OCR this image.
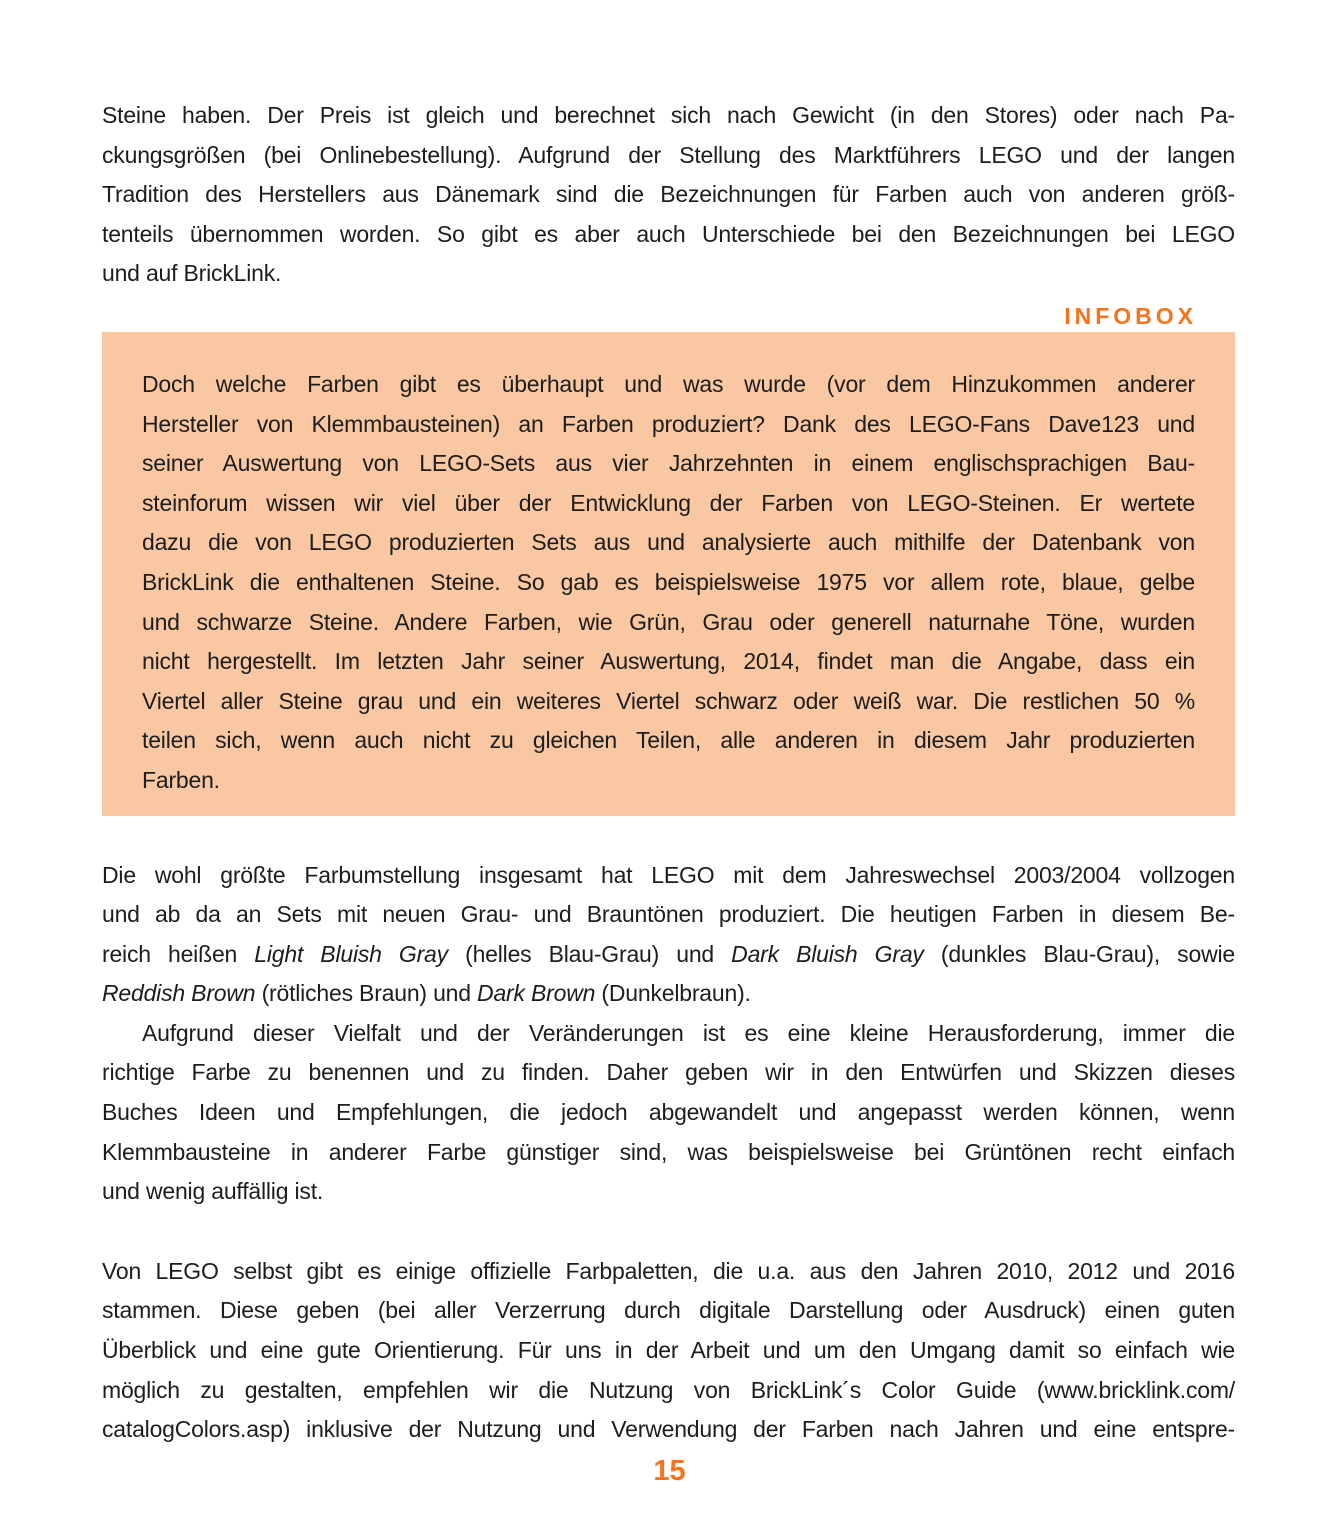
Steine haben. Der Preis ist gleich und berechnet sich nach Gewicht (in den Stores) oder nach Pa-
ckungsgrößen (bei Onlinebestellung). Aufgrund der Stellung des Marktführers LEGO und der langen
Tradition des Herstellers aus Dänemark sind die Bezeichnungen für Farben auch von anderen größ-
tenteils übernommen worden. So gibt es aber auch Unterschiede bei den Bezeichnungen bei LEGO
und auf BrickLink.
INFOBOX
Doch welche Farben gibt es überhaupt und was wurde (vor dem Hinzukommen anderer
Hersteller von Klemmbausteinen) an Farben produziert? Dank des LEGO-Fans Dave123 und
seiner Auswertung von LEGO-Sets aus vier Jahrzehnten in einem englischsprachigen Bau-
steinforum wissen wir viel über der Entwicklung der Farben von LEGO-Steinen. Er wertete
dazu die von LEGO produzierten Sets aus und analysierte auch mithilfe der Datenbank von
BrickLink die enthaltenen Steine. So gab es beispielsweise 1975 vor allem rote, blaue, gelbe
und schwarze Steine. Andere Farben, wie Grün, Grau oder generell naturnahe Töne, wurden
nicht hergestellt. Im letzten Jahr seiner Auswertung, 2014, findet man die Angabe, dass ein
Viertel aller Steine grau und ein weiteres Viertel schwarz oder weiß war. Die restlichen 50 %
teilen sich, wenn auch nicht zu gleichen Teilen, alle anderen in diesem Jahr produzierten
Farben.
Die wohl größte Farbumstellung insgesamt hat LEGO mit dem Jahreswechsel 2003/2004 vollzogen
und ab da an Sets mit neuen Grau- und Brauntönen produziert. Die heutigen Farben in diesem Be-
reich heißen Light Bluish Gray (helles Blau-Grau) und Dark Bluish Gray (dunkles Blau-Grau), sowie
Reddish Brown (rötliches Braun) und Dark Brown (Dunkelbraun).
Aufgrund dieser Vielfalt und der Veränderungen ist es eine kleine Herausforderung, immer die
richtige Farbe zu benennen und zu finden. Daher geben wir in den Entwürfen und Skizzen dieses
Buches Ideen und Empfehlungen, die jedoch abgewandelt und angepasst werden können, wenn
Klemmbausteine in anderer Farbe günstiger sind, was beispielsweise bei Grüntönen recht einfach
und wenig auffällig ist.
Von LEGO selbst gibt es einige offizielle Farbpaletten, die u.a. aus den Jahren 2010, 2012 und 2016
stammen. Diese geben (bei aller Verzerrung durch digitale Darstellung oder Ausdruck) einen guten
Überblick und eine gute Orientierung. Für uns in der Arbeit und um den Umgang damit so einfach wie
möglich zu gestalten, empfehlen wir die Nutzung von BrickLink´s Color Guide (www.bricklink.com/
catalogColors.asp) inklusive der Nutzung und Verwendung der Farben nach Jahren und eine entspre-
15
